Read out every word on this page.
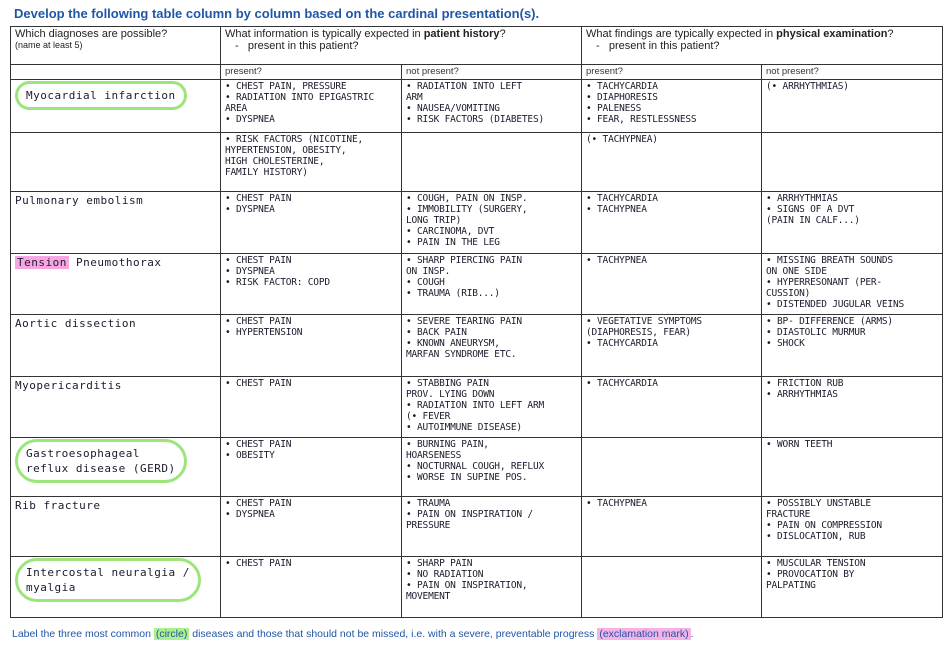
Develop the following table column by column based on the cardinal presentation(s).
Which diagnoses are possible?
(name at least 5)	What information is typically expected in patient history?
- present in this patient?		What findings are typically expected in physical examination?
- present in this patient?	

	present?	not present?	present?	not present?

Myocardial infarction	• CHEST PAIN, PRESSURE
• RADIATION INTO EPIGASTRIC
AREA
• DYSPNEA	• RADIATION INTO LEFT
ARM
• NAUSEA/VOMITING
• RISK FACTORS (DIABETES)	• TACHYCARDIA
• DIAPHORESIS
• PALENESS
• FEAR, RESTLESSNESS	(• ARRHYTHMIAS)

	• RISK FACTORS (NICOTINE,
HYPERTENSION, OBESITY,
HIGH CHOLESTERINE,
FAMILY HISTORY)		(• TACHYPNEA)	

Pulmonary embolism	• CHEST PAIN
• DYSPNEA	• COUGH, PAIN ON INSP.
• IMMOBILITY (SURGERY,
LONG TRIP)
• CARCINOMA, DVT
• PAIN IN THE LEG	• TACHYCARDIA
• TACHYPNEA	• ARRHYTHMIAS
• SIGNS OF A DVT
(PAIN IN CALF...)

Tension Pneumothorax	• CHEST PAIN
• DYSPNEA
• RISK FACTOR: COPD	• SHARP PIERCING PAIN
ON INSP.
• COUGH
• TRAUMA (RIB...)	• TACHYPNEA	• MISSING BREATH SOUNDS
ON ONE SIDE
• HYPERRESONANT (PER-
CUSSION)
• DISTENDED JUGULAR VEINS

Aortic dissection	• CHEST PAIN
• HYPERTENSION	• SEVERE TEARING PAIN
• BACK PAIN
• KNOWN ANEURYSM,
MARFAN SYNDROME ETC.	• VEGETATIVE SYMPTOMS
(DIAPHORESIS, FEAR)
• TACHYCARDIA	• BP- DIFFERENCE (ARMS)
• DIASTOLIC MURMUR
• SHOCK

Myopericarditis	• CHEST PAIN	• STABBING PAIN
PROV. LYING DOWN
• RADIATION INTO LEFT ARM
(• FEVER
• AUTOIMMUNE DISEASE)	• TACHYCARDIA	• FRICTION RUB
• ARRHYTHMIAS

Gastroesophageal
reflux disease (GERD)	• CHEST PAIN
• OBESITY	• BURNING PAIN,
HOARSENESS
• NOCTURNAL COUGH, REFLUX
• WORSE IN SUPINE POS.		• WORN TEETH

Rib fracture	• CHEST PAIN
• DYSPNEA	• TRAUMA
• PAIN ON INSPIRATION /
PRESSURE	• TACHYPNEA	• POSSIBLY UNSTABLE
FRACTURE
• PAIN ON COMPRESSION
• DISLOCATION, RUB

Intercostal neuralgia /
myalgia	• CHEST PAIN	• SHARP PAIN
• NO RADIATION
• PAIN ON INSPIRATION,
MOVEMENT		• MUSCULAR TENSION
• PROVOCATION BY
PALPATING
Label the three most common (circle) diseases and those that should not be missed, i.e. with a severe, preventable progress (exclamation mark) .
